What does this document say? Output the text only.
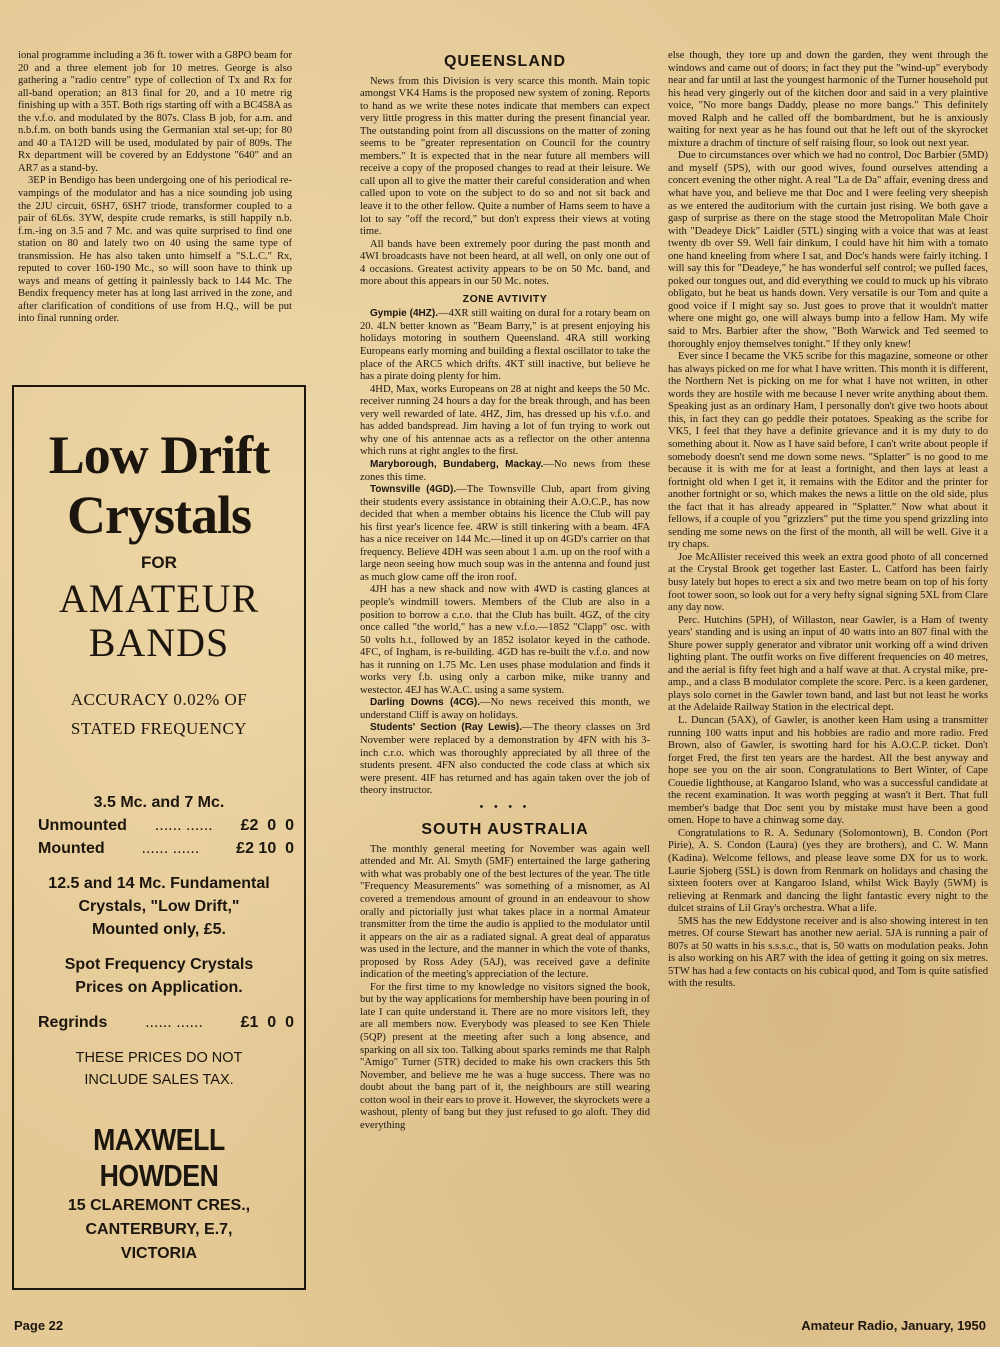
ional programme including a 36 ft. tower with a G8PO beam for 20 and a three element job for 10 metres. George is also gathering a "radio centre" type of collection of Tx and Rx for all-band operation; an 813 final for 20, and a 10 metre rig finishing up with a 35T. Both rigs starting off with a BC458A as the v.f.o. and modulated by the 807s. Class B job, for a.m. and n.b.f.m. on both bands using the Germanian xtal set-up; for 80 and 40 a TA12D will be used, modulated by pair of 809s. The Rx department will be covered by an Eddystone "640" and an AR7 as a stand-by.

3EP in Bendigo has been undergoing one of his periodical re-vampings of the modulator and has a nice sounding job using the 2JU circuit, 6SH7, 6SH7 triode, transformer coupled to a pair of 6L6s. 3YW, despite crude remarks, is still happily n.b. f.m.-ing on 3.5 and 7 Mc. and was quite surprised to find one station on 80 and lately two on 40 using the same type of transmission. He has also taken unto himself a "S.L.C." Rx, reputed to cover 160-190 Mc., so will soon have to think up ways and means of getting it painlessly back to 144 Mc. The Bendix frequency meter has at long last arrived in the zone, and after clarification of conditions of use from H.Q., will be put into final running order.

Low Drift
Crystals
FOR
AMATEUR
BANDS
ACCURACY 0.02% OF
STATED FREQUENCY
3.5 Mc. and 7 Mc.
Unmounted ...... ...... £2  0  0
Mounted ...... ...... £2 10  0
12.5 and 14 Mc. Fundamental
Crystals, "Low Drift,"
Mounted only, £5.
Spot Frequency Crystals
Prices on Application.
Regrinds ...... ...... £1  0  0
THESE PRICES DO NOT
INCLUDE SALES TAX.
MAXWELL HOWDEN
15 CLAREMONT CRES.,
CANTERBURY, E.7,
VICTORIA
QUEENSLAND

News from this Division is very scarce this month. Main topic amongst VK4 Hams is the proposed new system of zoning. Reports to hand as we write these notes indicate that members can expect very little progress in this matter during the present financial year. The outstanding point from all discussions on the matter of zoning seems to be "greater representation on Council for the country members." It is expected that in the near future all members will receive a copy of the proposed changes to read at their leisure. We call upon all to give the matter their careful consideration and when called upon to vote on the subject to do so and not sit back and leave it to the other fellow. Quite a number of Hams seem to have a lot to say "off the record," but don't express their views at voting time.

All bands have been extremely poor during the past month and 4WI broadcasts have not been heard, at all well, on only one out of 4 occasions. Greatest activity appears to be on 50 Mc. band, and more about this appears in our 50 Mc. notes.

ZONE AVTIVITY

Gympie (4HZ).—4XR still waiting on dural for a rotary beam on 20. 4LN better known as "Beam Barry," is at present enjoying his holidays motoring in southern Queensland. 4RA still working Europeans early morning and building a flextal oscillator to take the place of the ARC5 which drifts. 4KT still inactive, but believe he has a pirate doing plenty for him.

4HD, Max, works Europeans on 28 at night and keeps the 50 Mc. receiver running 24 hours a day for the break through, and has been very well rewarded of late. 4HZ, Jim, has dressed up his v.f.o. and has added bandspread. Jim having a lot of fun trying to work out why one of his antennae acts as a reflector on the other antenna which runs at right angles to the first.

Maryborough, Bundaberg, Mackay.—No news from these zones this time.

Townsville (4GD).—The Townsville Club, apart from giving their students every assistance in obtaining their A.O.C.P., has now decided that when a member obtains his licence the Club will pay his first year's licence fee. 4RW is still tinkering with a beam. 4FA has a nice receiver on 144 Mc.—lined it up on 4GD's carrier on that frequency. Believe 4DH was seen about 1 a.m. up on the roof with a large neon seeing how much soup was in the antenna and found just as much glow came off the iron roof.

4JH has a new shack and now with 4WD is casting glances at people's windmill towers. Members of the Club are also in a position to borrow a c.r.o. that the Club has built. 4GZ, of the city once called "the world," has a new v.f.o.—1852 "Clapp" osc. with 50 volts h.t., followed by an 1852 isolator keyed in the cathode. 4FC, of Ingham, is re-building. 4GD has re-built the v.f.o. and now has it running on 1.75 Mc. Len uses phase modulation and finds it works very f.b. using only a carbon mike, mike tranny and westector. 4EJ has W.A.C. using a same system.

Darling Downs (4CG).—No news received this month, we understand Cliff is away on holidays.

Students' Section (Ray Lewis).—The theory classes on 3rd November were replaced by a demonstration by 4FN with his 3-inch c.r.o. which was thoroughly appreciated by all three of the students present. 4FN also conducted the code class at which six were present. 4IF has returned and has again taken over the job of theory instructor.

• • • •
SOUTH AUSTRALIA

The monthly general meeting for November was again well attended and Mr. Al. Smyth (5MF) entertained the large gathering with what was probably one of the best lectures of the year. The title "Frequency Measurements" was something of a misnomer, as Al covered a tremendous amount of ground in an endeavour to show orally and pictorially just what takes place in a normal Amateur transmitter from the time the audio is applied to the modulator until it appears on the air as a radiated signal. A great deal of apparatus was used in the lecture, and the manner in which the vote of thanks, proposed by Ross Adey (5AJ), was received gave a definite indication of the meeting's appreciation of the lecture.

For the first time to my knowledge no visitors signed the book, but by the way applications for membership have been pouring in of late I can quite understand it. There are no more visitors left, they are all members now. Everybody was pleased to see Ken Thiele (5QP) present at the meeting after such a long absence, and sparking on all six too. Talking about sparks reminds me that Ralph "Amigo" Turner (5TR) decided to make his own crackers this 5th November, and believe me he was a huge success. There was no doubt about the bang part of it, the neighbours are still wearing cotton wool in their ears to prove it. However, the skyrockets were a washout, plenty of bang but they just refused to go aloft. They did everything

else though, they tore up and down the garden, they went through the windows and came out of doors; in fact they put the "wind-up" everybody near and far until at last the youngest harmonic of the Turner household put his head very gingerly out of the kitchen door and said in a very plaintive voice, "No more bangs Daddy, please no more bangs." This definitely moved Ralph and he called off the bombardment, but he is anxiously waiting for next year as he has found out that he left out of the skyrocket mixture a drachm of tincture of self raising flour, so look out next year.

Due to circumstances over which we had no control, Doc Barbier (5MD) and myself (5PS), with our good wives, found ourselves attending a concert evening the other night. A real "La de Da" affair, evening dress and what have you, and believe me that Doc and I were feeling very sheepish as we entered the auditorium with the curtain just rising. We both gave a gasp of surprise as there on the stage stood the Metropolitan Male Choir with "Deadeye Dick" Laidler (5TL) singing with a voice that was at least twenty db over S9. Well fair dinkum, I could have hit him with a tomato one hand kneeling from where I sat, and Doc's hands were fairly itching. I will say this for "Deadeye," he has wonderful self control; we pulled faces, poked our tongues out, and did everything we could to muck up his vibrato obligato, but he beat us hands down. Very versatile is our Tom and quite a good voice if I might say so. Just goes to prove that it wouldn't matter where one might go, one will always bump into a fellow Ham. My wife said to Mrs. Barbier after the show, "Both Warwick and Ted seemed to thoroughly enjoy themselves tonight." If they only knew!

Ever since I became the VK5 scribe for this magazine, someone or other has always picked on me for what I have written. This month it is different, the Northern Net is picking on me for what I have not written, in other words they are hostile with me because I never write anything about them. Speaking just as an ordinary Ham, I personally don't give two hoots about this, in fact they can go peddle their potatoes. Speaking as the scribe for VK5, I feel that they have a definite grievance and it is my duty to do something about it. Now as I have said before, I can't write about people if somebody doesn't send me down some news. "Splatter" is no good to me because it is with me for at least a fortnight, and then lays at least a fortnight old when I get it, it remains with the Editor and the printer for another fortnight or so, which makes the news a little on the old side, plus the fact that it has already appeared in "Splatter." Now what about it fellows, if a couple of you "grizzlers" put the time you spend grizzling into sending me some news on the first of the month, all will be well. Give it a try chaps.

Joe McAllister received this week an extra good photo of all concerned at the Crystal Brook get together last Easter. L. Catford has been fairly busy lately but hopes to erect a six and two metre beam on top of his forty foot tower soon, so look out for a very hefty signal signing 5XL from Clare any day now.

Perc. Hutchins (5PH), of Willaston, near Gawler, is a Ham of twenty years' standing and is using an input of 40 watts into an 807 final with the Shure power supply generator and vibrator unit working off a wind driven lighting plant. The outfit works on five different frequencies on 40 metres, and the aerial is fifty feet high and a half wave at that. A crystal mike, pre-amp., and a class B modulator complete the score. Perc. is a keen gardener, plays solo cornet in the Gawler town band, and last but not least he works at the Adelaide Railway Station in the electrical dept.

L. Duncan (5AX), of Gawler, is another keen Ham using a transmitter running 100 watts input and his hobbies are radio and more radio. Fred Brown, also of Gawler, is swotting hard for his A.O.C.P. ticket. Don't forget Fred, the first ten years are the hardest. All the best anyway and hope see you on the air soon. Congratulations to Bert Winter, of Cape Couedie lighthouse, at Kangaroo Island, who was a successful candidate at the recent examination. It was worth pegging at wasn't it Bert. That full member's badge that Doc sent you by mistake must have been a good omen. Hope to have a chinwag some day.

Congratulations to R. A. Sedunary (Solomontown), B. Condon (Port Pirie), A. S. Condon (Laura) (yes they are brothers), and C. W. Mann (Kadina). Welcome fellows, and please leave some DX for us to work. Laurie Sjoberg (5SL) is down from Renmark on holidays and chasing the sixteen footers over at Kangaroo Island, whilst Wick Bayly (5WM) is relieving at Renmark and dancing the light fantastic every night to the dulcet strains of Lil Gray's orchestra. What a life.

5MS has the new Eddystone receiver and is also showing interest in ten metres. Of course Stewart has another new aerial. 5JA is running a pair of 807s at 50 watts in his s.s.s.c., that is, 50 watts on modulation peaks. John is also working on his AR7 with the idea of getting it going on six metres. 5TW has had a few contacts on his cubical quod, and Tom is quite satisfied with the results.

Page 22	Amateur Radio, January, 1950
